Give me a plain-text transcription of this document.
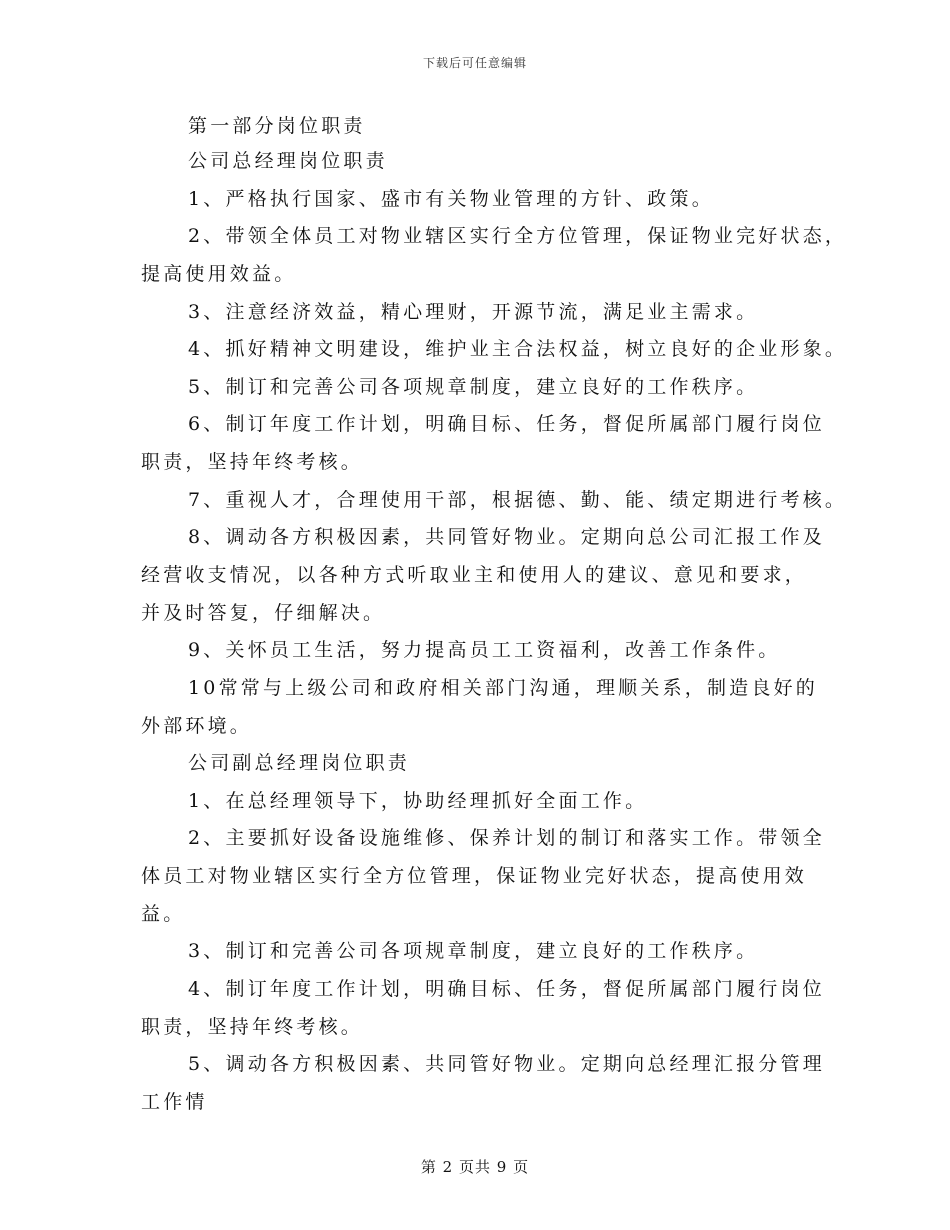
下载后可任意编辑
第一部分岗位职责
公司总经理岗位职责
1、严格执行国家、盛市有关物业管理的方针、政策。
2、带领全体员工对物业辖区实行全方位管理，保证物业完好状态，
提高使用效益。
3、注意经济效益，精心理财，开源节流，满足业主需求。
4、抓好精神文明建设，维护业主合法权益，树立良好的企业形象。
5、制订和完善公司各项规章制度，建立良好的工作秩序。
6、制订年度工作计划，明确目标、任务，督促所属部门履行岗位
职责，坚持年终考核。
7、重视人才，合理使用干部，根据德、勤、能、绩定期进行考核。
8、调动各方积极因素，共同管好物业。定期向总公司汇报工作及
经营收支情况，以各种方式听取业主和使用人的建议、意见和要求，
并及时答复，仔细解决。
9、关怀员工生活，努力提高员工工资福利，改善工作条件。
10常常与上级公司和政府相关部门沟通，理顺关系，制造良好的
外部环境。
公司副总经理岗位职责
1、在总经理领导下，协助经理抓好全面工作。
2、主要抓好设备设施维修、保养计划的制订和落实工作。带领全
体员工对物业辖区实行全方位管理，保证物业完好状态，提高使用效
益。
3、制订和完善公司各项规章制度，建立良好的工作秩序。
4、制订年度工作计划，明确目标、任务，督促所属部门履行岗位
职责，坚持年终考核。
5、调动各方积极因素、共同管好物业。定期向总经理汇报分管理
工作情
第 2 页共 9 页
